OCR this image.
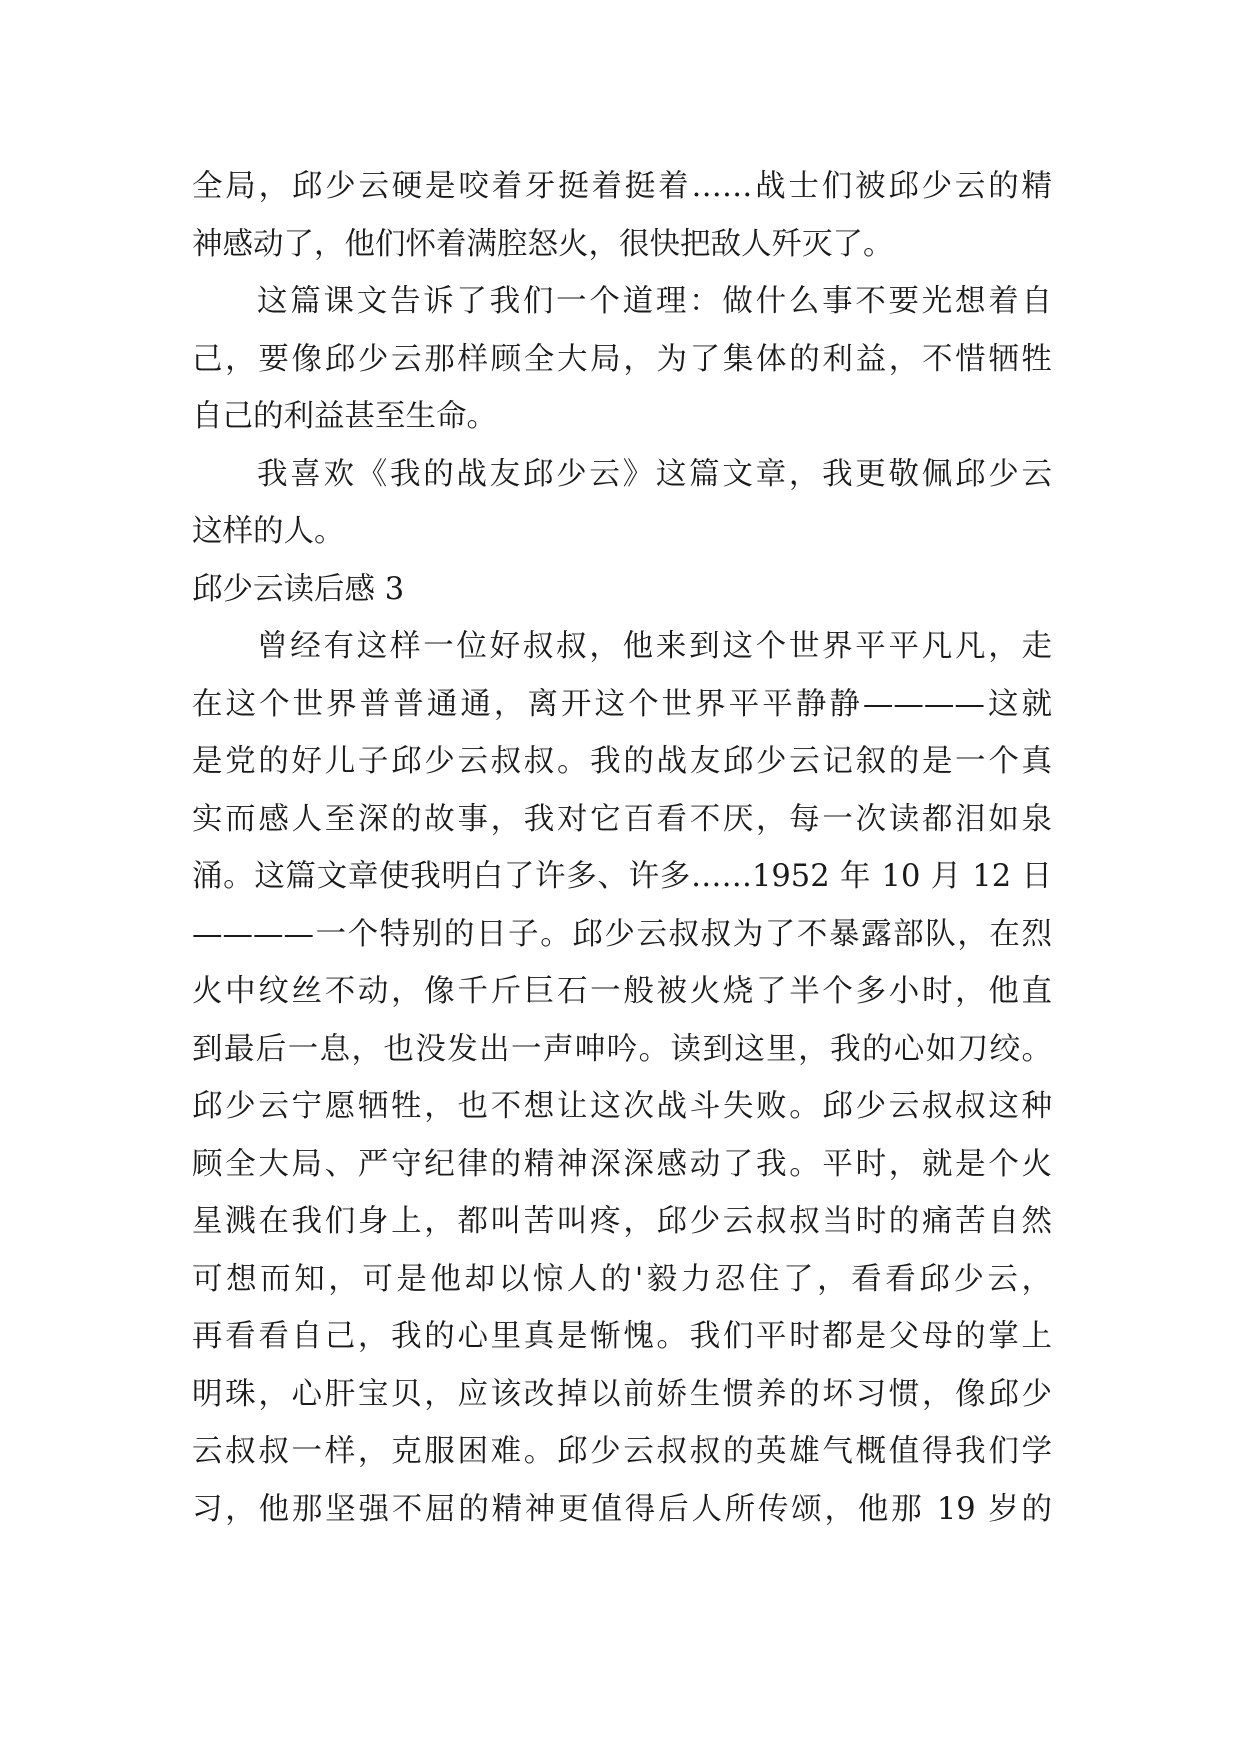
全局，邱少云硬是咬着牙挺着挺着……战士们被邱少云的精
神感动了，他们怀着满腔怒火，很快把敌人歼灭了。
这篇课文告诉了我们一个道理：做什么事不要光想着自
己，要像邱少云那样顾全大局，为了集体的利益，不惜牺牲
自己的利益甚至生命。
我喜欢《我的战友邱少云》这篇文章，我更敬佩邱少云
这样的人。
邱少云读后感 3
曾经有这样一位好叔叔，他来到这个世界平平凡凡，走
在这个世界普普通通，离开这个世界平平静静————这就
是党的好儿子邱少云叔叔。我的战友邱少云记叙的是一个真
实而感人至深的故事，我对它百看不厌，每一次读都泪如泉
涌。这篇文章使我明白了许多、许多……1952 年 10 月 12 日
————一个特别的日子。邱少云叔叔为了不暴露部队，在烈
火中纹丝不动，像千斤巨石一般被火烧了半个多小时，他直
到最后一息，也没发出一声呻吟。读到这里，我的心如刀绞。
邱少云宁愿牺牲，也不想让这次战斗失败。邱少云叔叔这种
顾全大局、严守纪律的精神深深感动了我。平时，就是个火
星溅在我们身上，都叫苦叫疼，邱少云叔叔当时的痛苦自然
可想而知，可是他却以惊人的'毅力忍住了，看看邱少云，
再看看自己，我的心里真是惭愧。我们平时都是父母的掌上
明珠，心肝宝贝，应该改掉以前娇生惯养的坏习惯，像邱少
云叔叔一样，克服困难。邱少云叔叔的英雄气概值得我们学
习，他那坚强不屈的精神更值得后人所传颂，他那 19 岁的
